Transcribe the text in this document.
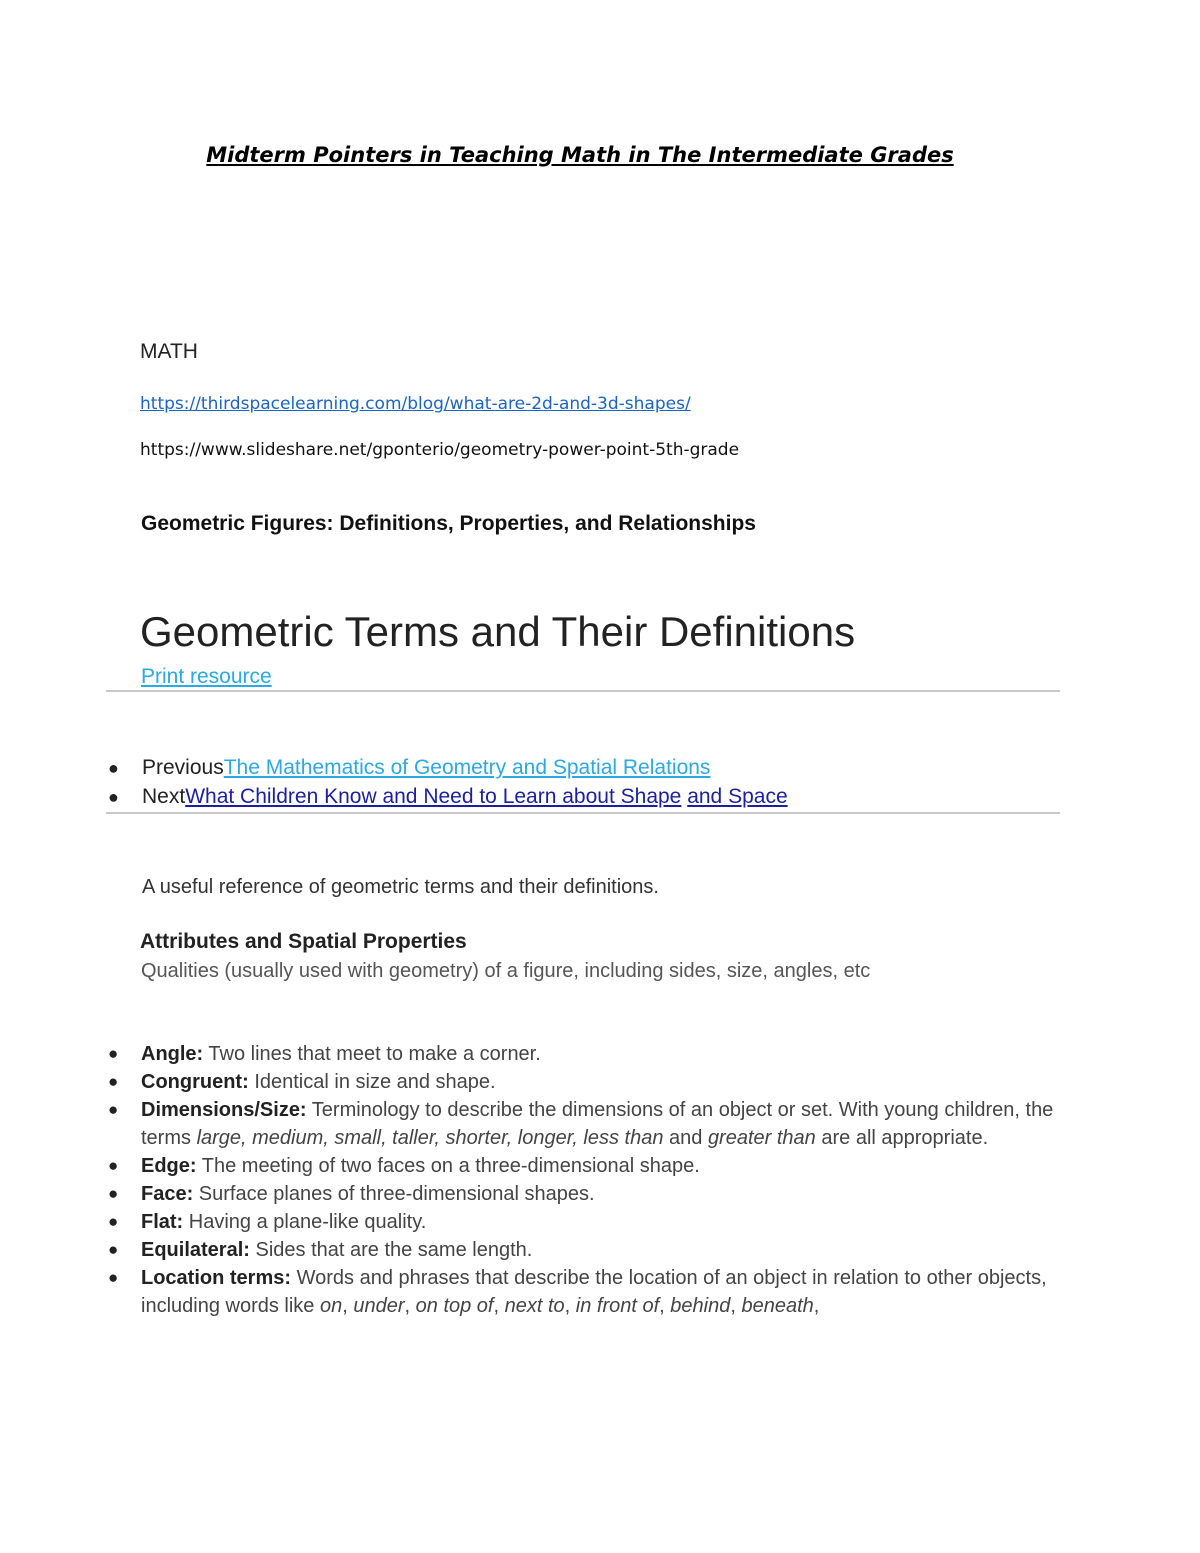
Midterm Pointers in Teaching Math in The Intermediate Grades
MATH
https://thirdspacelearning.com/blog/what-are-2d-and-3d-shapes/
https://www.slideshare.net/gponterio/geometry-power-point-5th-grade
Geometric Figures: Definitions, Properties, and Relationships
Geometric Terms and Their Definitions
Print resource
● PreviousThe Mathematics of Geometry and Spatial Relations
● NextWhat Children Know and Need to Learn about Shape and Space
A useful reference of geometric terms and their definitions.
Attributes and Spatial Properties
Qualities (usually used with geometry) of a figure, including sides, size, angles, etc
● Angle: Two lines that meet to make a corner.
● Congruent: Identical in size and shape.
● Dimensions/Size: Terminology to describe the dimensions of an object or set. With young children, the terms large, medium, small, taller, shorter, longer, less than and greater than are all appropriate.
● Edge: The meeting of two faces on a three-dimensional shape.
● Face: Surface planes of three-dimensional shapes.
● Flat: Having a plane-like quality.
● Equilateral: Sides that are the same length.
● Location terms: Words and phrases that describe the location of an object in relation to other objects, including words like on, under, on top of, next to, in front of, behind, beneath,
